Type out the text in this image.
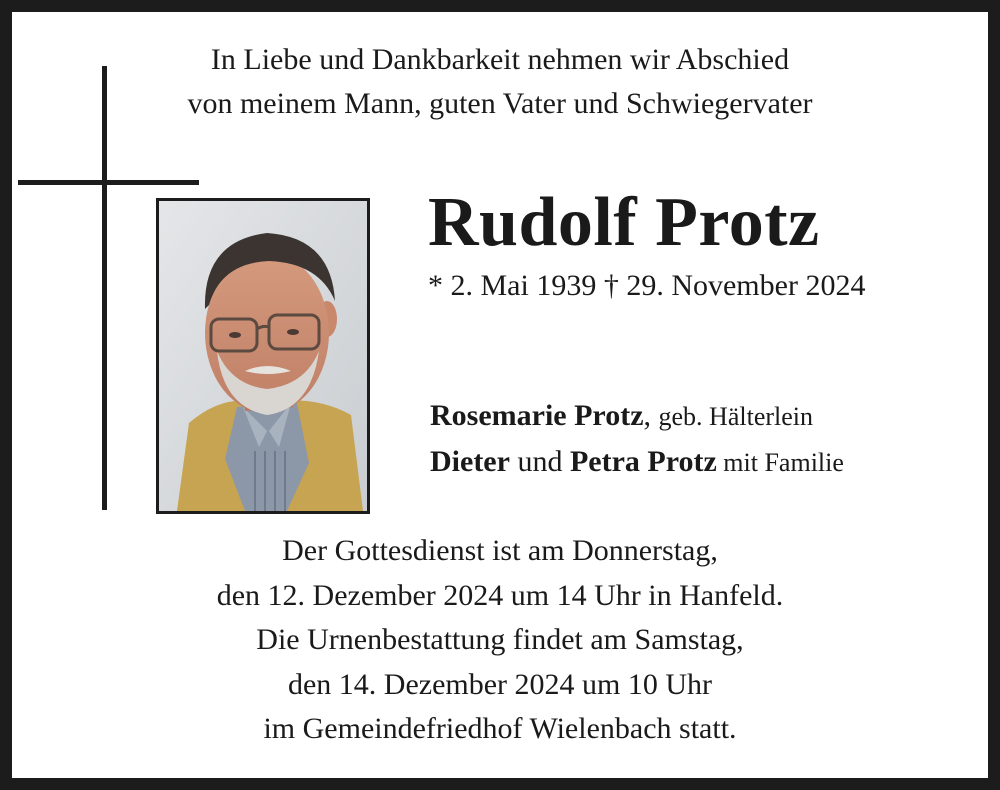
In Liebe und Dankbarkeit nehmen wir Abschied
von meinem Mann, guten Vater und Schwiegervater
Rudolf Protz
* 2. Mai 1939 † 29. November 2024
Rosemarie Protz, geb. Hälterlein
Dieter und Petra Protz mit Familie
Der Gottesdienst ist am Donnerstag,
den 12. Dezember 2024 um 14 Uhr in Hanfeld.
Die Urnenbestattung findet am Samstag,
den 14. Dezember 2024 um 10 Uhr
im Gemeindefriedhof Wielenbach statt.
